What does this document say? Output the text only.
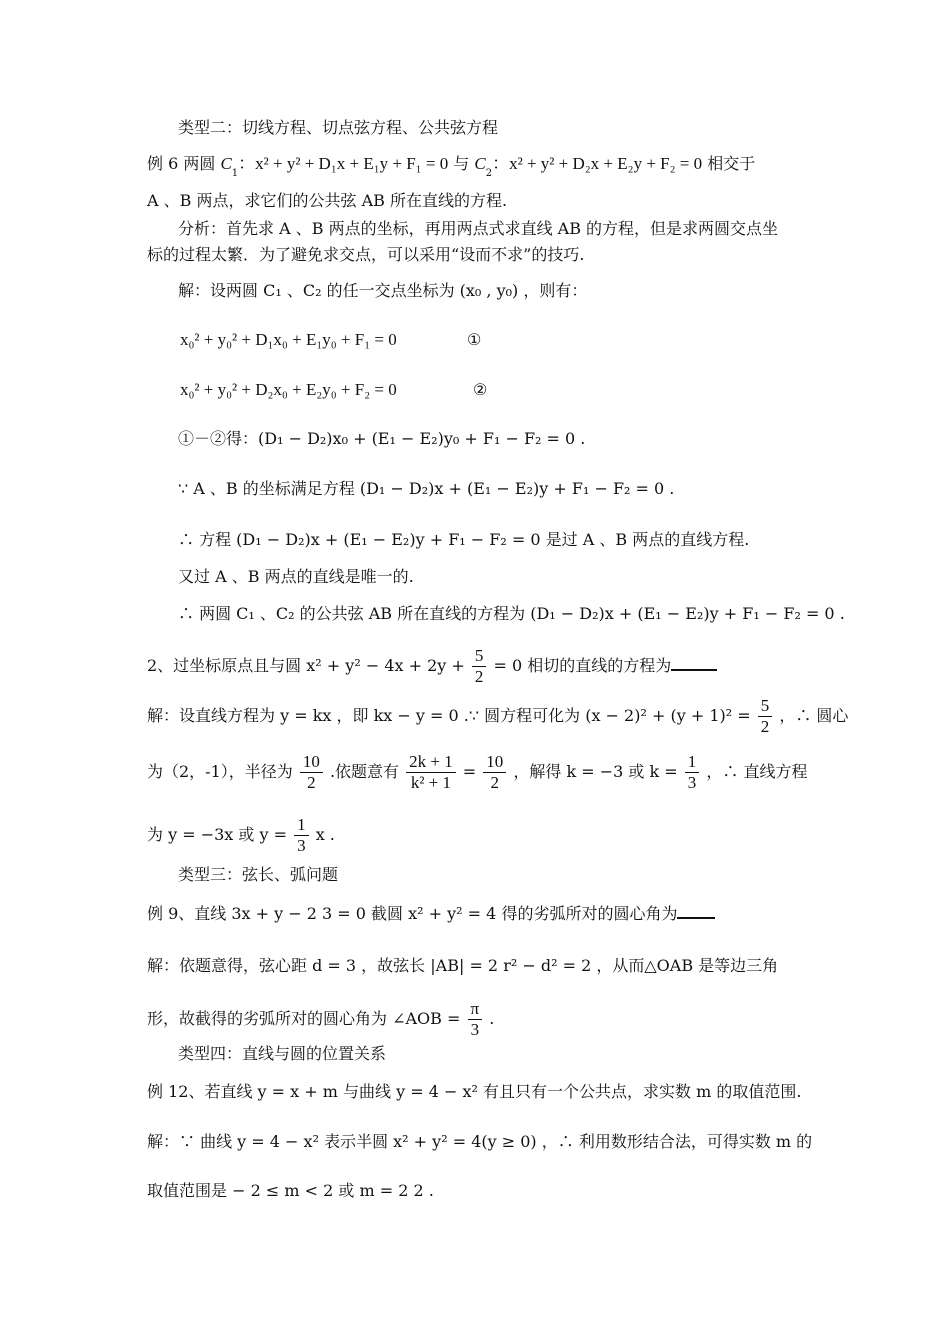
类型二：切线方程、切点弦方程、公共弦方程
例 6 两圆 $C_1$：x² + y² + D₁x + E₁y + F₁ = 0 与 $C_2$：x² + y² + D₂x + E₂y + F₂ = 0 相交于
A 、B 两点，求它们的公共弦 AB 所在直线的方程.
分析：首先求 A 、B 两点的坐标，再用两点式求直线 AB 的方程，但是求两圆交点坐
标的过程太繁．为了避免求交点，可以采用“设而不求”的技巧.
解：设两圆 C₁ 、C₂ 的任一交点坐标为 (x₀ , y₀) ，则有：
x₀² + y₀² + D₁x₀ + E₁y₀ + F₁ = 0	①
x₀² + y₀² + D₂x₀ + E₂y₀ + F₂ = 0	②
①－②得：(D₁ − D₂)x₀ + (E₁ − E₂)y₀ + F₁ − F₂ = 0 .
∵ A 、B 的坐标满足方程 (D₁ − D₂)x + (E₁ − E₂)y + F₁ − F₂ = 0 .
∴ 方程 (D₁ − D₂)x + (E₁ − E₂)y + F₁ − F₂ = 0 是过 A 、B 两点的直线方程.
又过 A 、B 两点的直线是唯一的.
∴ 两圆 C₁ 、C₂ 的公共弦 AB 所在直线的方程为 (D₁ − D₂)x + (E₁ − E₂)y + F₁ − F₂ = 0 .
2、过坐标原点且与圆 $x^2 + y^2 - 4x + 2y + \frac{5}{2} = 0$ 相切的直线的方程为
解：设直线方程为 y = kx ，即 kx − y = 0 .∵ 圆方程可化为 $(x - 2)^2 + (y + 1)^2 = \frac{5}{2}$ ，∴ 圆心
为（2，-1），半径为 $\frac{10}{2}$ .依题意有 $\frac{2k + 1}{\text{k² + 1}} = \frac{10}{2}$ ，解得 k = −3 或 $k = \frac{1}{3}$ ，∴ 直线方程
为 y = −3x 或 $y = \frac{1}{3}$ x .
类型三：弦长、弧问题
例 9、直线 3x + y − 2 3 = 0 截圆 x² + y² = 4 得的劣弧所对的圆心角为
解：依题意得，弦心距 d = 3 ，故弦长 |AB| = 2 r² − d² = 2 ，从而△OAB 是等边三角
形，故截得的劣弧所对的圆心角为 ∠AOB = $\frac{\pi}{3}$ .
类型四：直线与圆的位置关系
例 12、若直线 y = x + m 与曲线 y = 4 − x² 有且只有一个公共点，求实数 m 的取值范围.
解：∵ 曲线 y = 4 − x² 表示半圆 x² + y² = 4(y ≥ 0) ，∴ 利用数形结合法，可得实数 m 的
取值范围是 − 2 ≤ m < 2 或 m = 2 2 .
